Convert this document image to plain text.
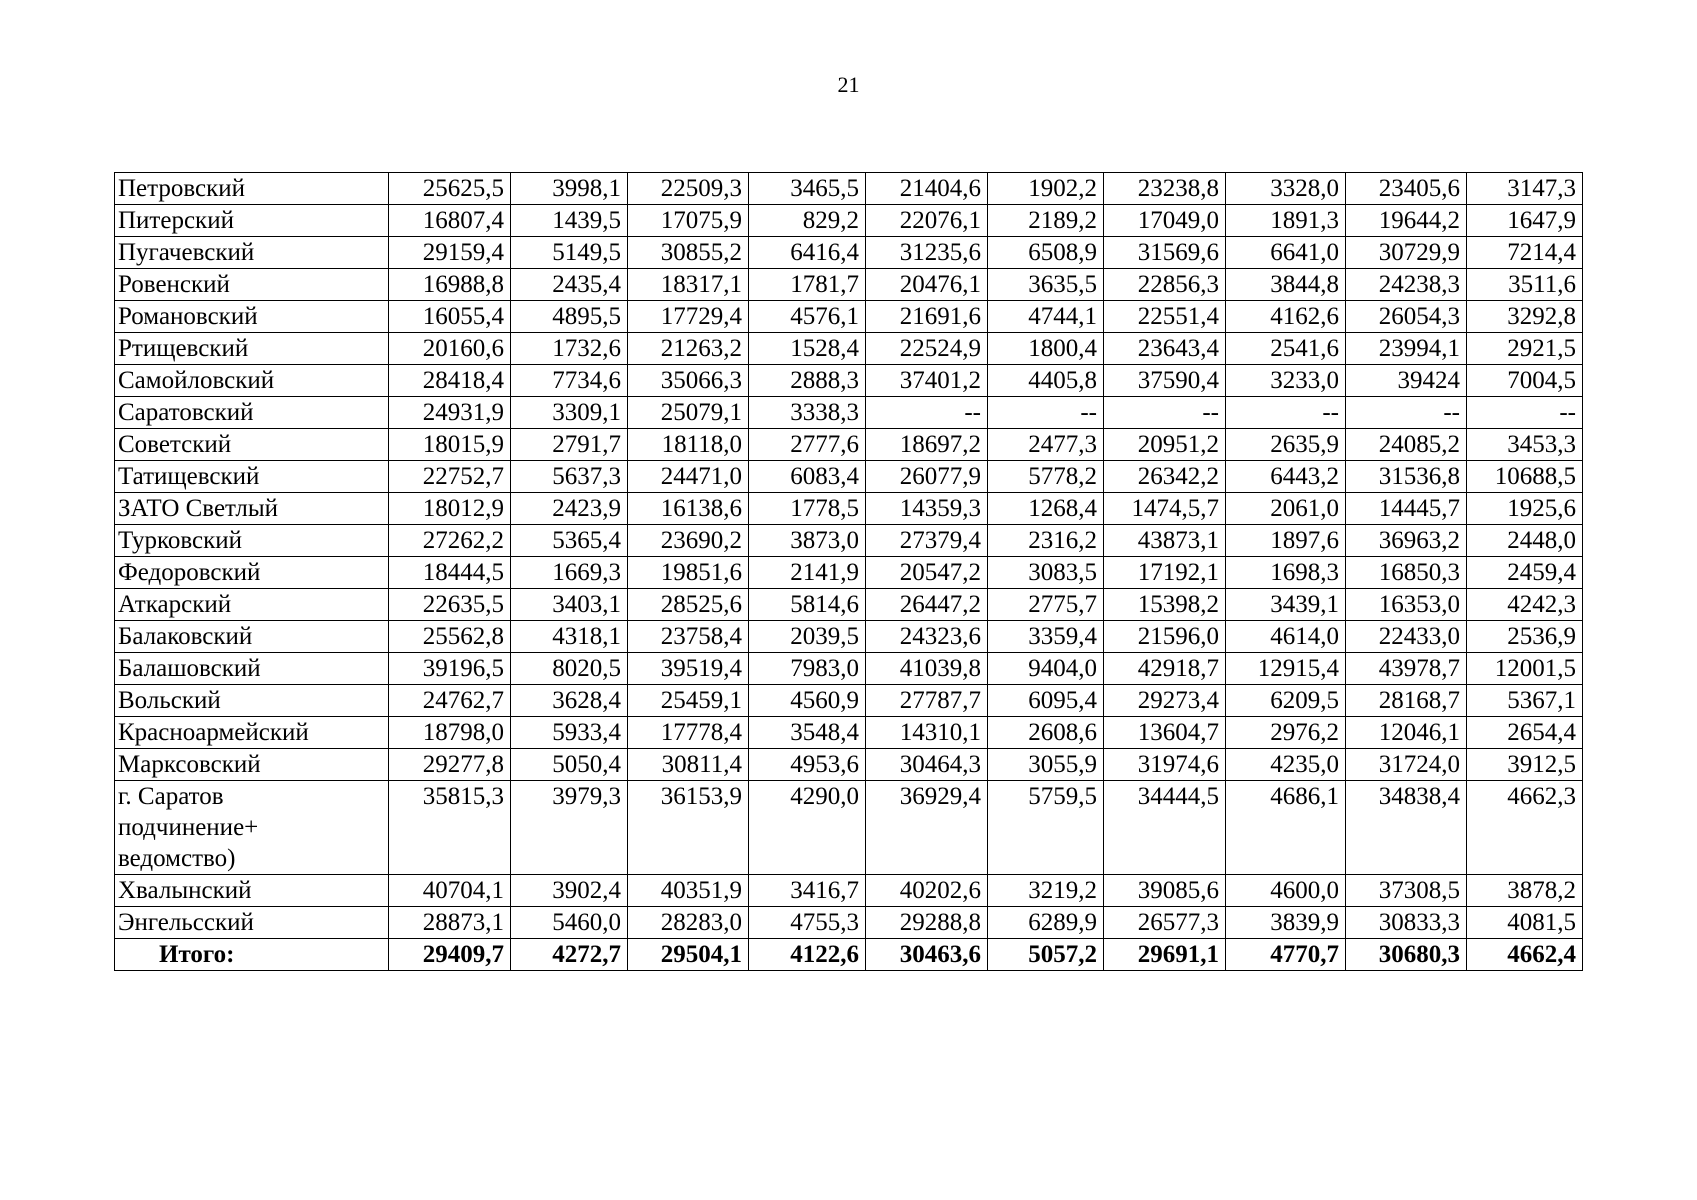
21
Петровский	25625,5	3998,1	22509,3	3465,5	21404,6	1902,2	23238,8	3328,0	23405,6	3147,3
Питерский	16807,4	1439,5	17075,9	829,2	22076,1	2189,2	17049,0	1891,3	19644,2	1647,9
Пугачевский	29159,4	5149,5	30855,2	6416,4	31235,6	6508,9	31569,6	6641,0	30729,9	7214,4
Ровенский	16988,8	2435,4	18317,1	1781,7	20476,1	3635,5	22856,3	3844,8	24238,3	3511,6
Романовский	16055,4	4895,5	17729,4	4576,1	21691,6	4744,1	22551,4	4162,6	26054,3	3292,8
Ртищевский	20160,6	1732,6	21263,2	1528,4	22524,9	1800,4	23643,4	2541,6	23994,1	2921,5
Самойловский	28418,4	7734,6	35066,3	2888,3	37401,2	4405,8	37590,4	3233,0	39424	7004,5
Саратовский	24931,9	3309,1	25079,1	3338,3	--	--	--	--	--	--
Советский	18015,9	2791,7	18118,0	2777,6	18697,2	2477,3	20951,2	2635,9	24085,2	3453,3
Татищевский	22752,7	5637,3	24471,0	6083,4	26077,9	5778,2	26342,2	6443,2	31536,8	10688,5
ЗАТО Светлый	18012,9	2423,9	16138,6	1778,5	14359,3	1268,4	1474,5,7	2061,0	14445,7	1925,6
Турковский	27262,2	5365,4	23690,2	3873,0	27379,4	2316,2	43873,1	1897,6	36963,2	2448,0
Федоровский	18444,5	1669,3	19851,6	2141,9	20547,2	3083,5	17192,1	1698,3	16850,3	2459,4
Аткарский	22635,5	3403,1	28525,6	5814,6	26447,2	2775,7	15398,2	3439,1	16353,0	4242,3
Балаковский	25562,8	4318,1	23758,4	2039,5	24323,6	3359,4	21596,0	4614,0	22433,0	2536,9
Балашовский	39196,5	8020,5	39519,4	7983,0	41039,8	9404,0	42918,7	12915,4	43978,7	12001,5
Вольский	24762,7	3628,4	25459,1	4560,9	27787,7	6095,4	29273,4	6209,5	28168,7	5367,1
Красноармейский	18798,0	5933,4	17778,4	3548,4	14310,1	2608,6	13604,7	2976,2	12046,1	2654,4
Марксовский	29277,8	5050,4	30811,4	4953,6	30464,3	3055,9	31974,6	4235,0	31724,0	3912,5
г. Саратов
подчинение+
ведомство)	35815,3	3979,3	36153,9	4290,0	36929,4	5759,5	34444,5	4686,1	34838,4	4662,3
Хвалынский	40704,1	3902,4	40351,9	3416,7	40202,6	3219,2	39085,6	4600,0	37308,5	3878,2
Энгельсский	28873,1	5460,0	28283,0	4755,3	29288,8	6289,9	26577,3	3839,9	30833,3	4081,5
Итого:	29409,7	4272,7	29504,1	4122,6	30463,6	5057,2	29691,1	4770,7	30680,3	4662,4
